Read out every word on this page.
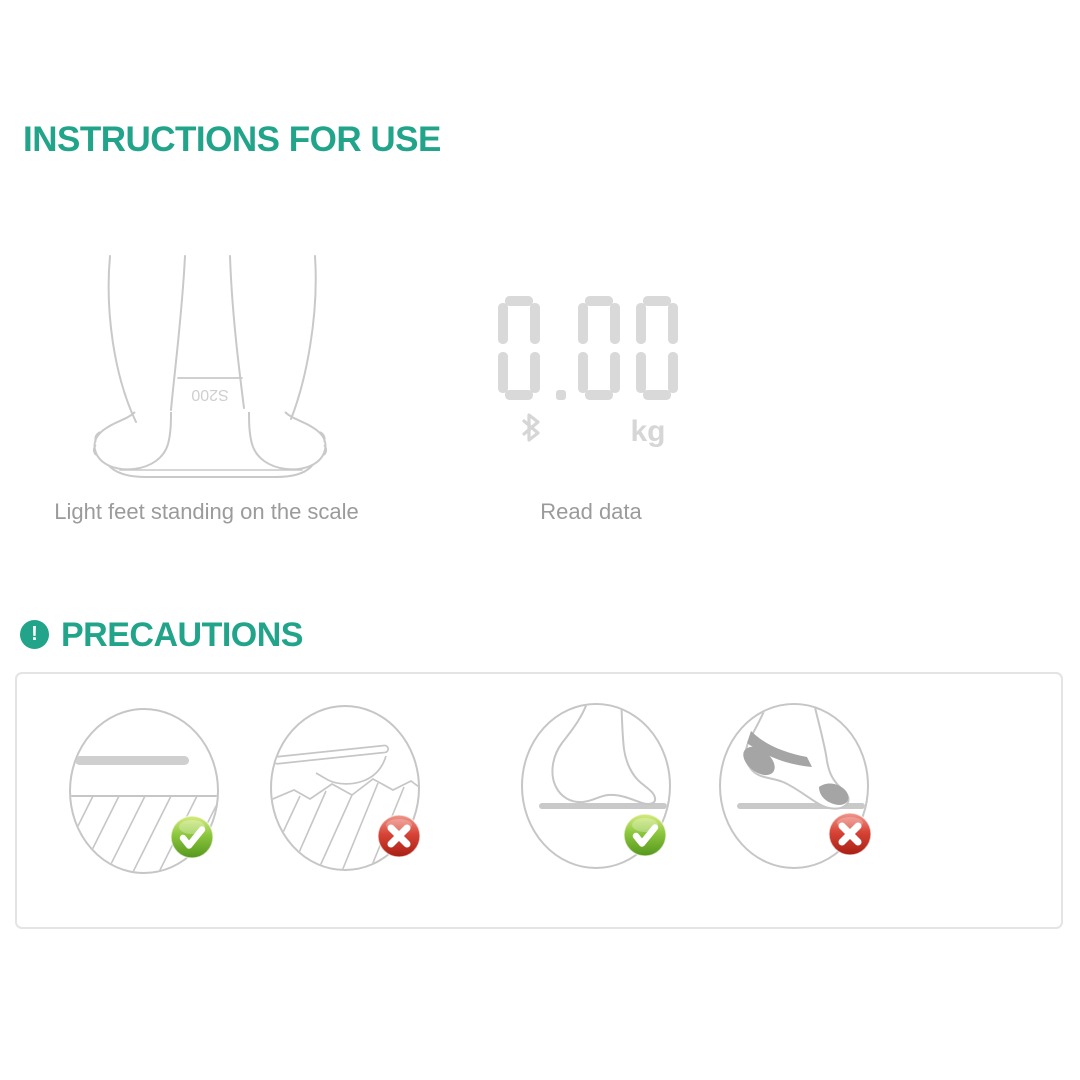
INSTRUCTIONS FOR USE
S200
kg
Light feet standing on the scale	Read data
! PRECAUTIONS
